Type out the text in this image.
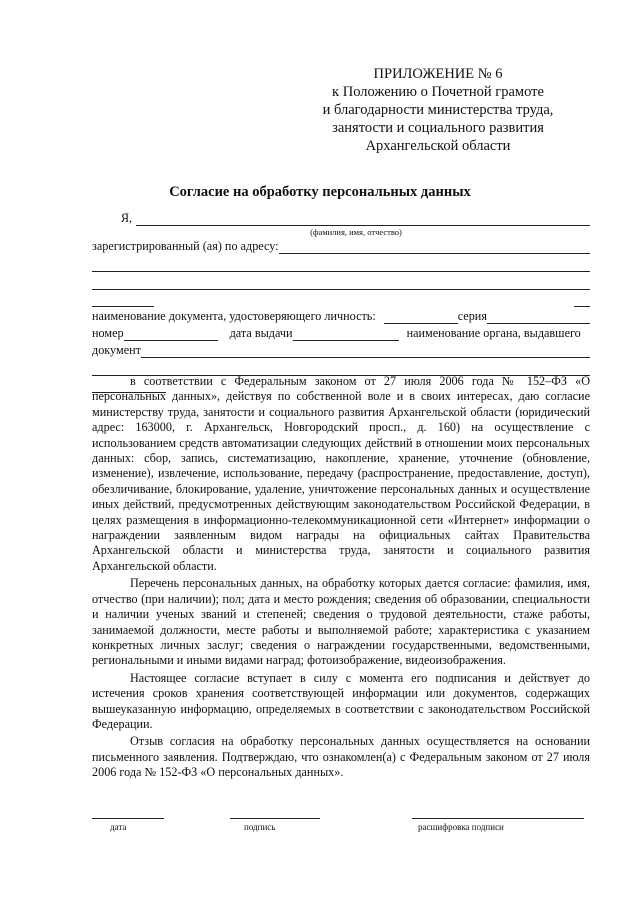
ПРИЛОЖЕНИЕ № 6
к Положению о Почетной грамоте
и благодарности министерства труда,
занятости и социального развития
Архангельской области
Согласие на обработку персональных данных
Я,
(фамилия, имя, отчество)
зарегистрированный (ая) по адресу:
наименование документа, удостоверяющего личность:	серия
номер	дата выдачи	наименование органа, выдавшего
документ

в соответствии с Федеральным законом от 27 июля 2006 года № 152–ФЗ «О персональных данных», действуя по собственной воле и в своих интересах, даю согласие министерству труда, занятости и социального развития Архангельской области (юридический адрес: 163000, г. Архангельск, Новгородский просп., д. 160) на осуществление с использованием средств автоматизации следующих действий в отношении моих персональных данных: сбор, запись, систематизацию, накопление, хранение, уточнение (обновление, изменение), извлечение, использование, передачу (распространение, предоставление, доступ), обезличивание, блокирование, удаление, уничтожение персональных данных и осуществление иных действий, предусмотренных действующим законодательством Российской Федерации, в целях размещения в информационно-телекоммуникационной сети «Интернет» информации о награждении заявленным видом награды на официальных сайтах Правительства Архангельской области и министерства труда, занятости и социального развития Архангельской области.

Перечень персональных данных, на обработку которых дается согласие: фамилия, имя, отчество (при наличии); пол; дата и место рождения; сведения об образовании, специальности и наличии ученых званий и степеней; сведения о трудовой деятельности, стаже работы, занимаемой должности, месте работы и выполняемой работе; характеристика с указанием конкретных личных заслуг; сведения о награждении государственными, ведомственными, региональными и иными видами наград; фотоизображение, видеоизображения.

Настоящее согласие вступает в силу с момента его подписания и действует до истечения сроков хранения соответствующей информации или документов, содержащих вышеуказанную информацию, определяемых в соответствии с законодательством Российской Федерации.

Отзыв согласия на обработку персональных данных осуществляется на основании письменного заявления. Подтверждаю, что ознакомлен(а) с Федеральным законом от 27 июля 2006 года № 152-ФЗ «О персональных данных».

дата	подпись	расшифровка подписи
